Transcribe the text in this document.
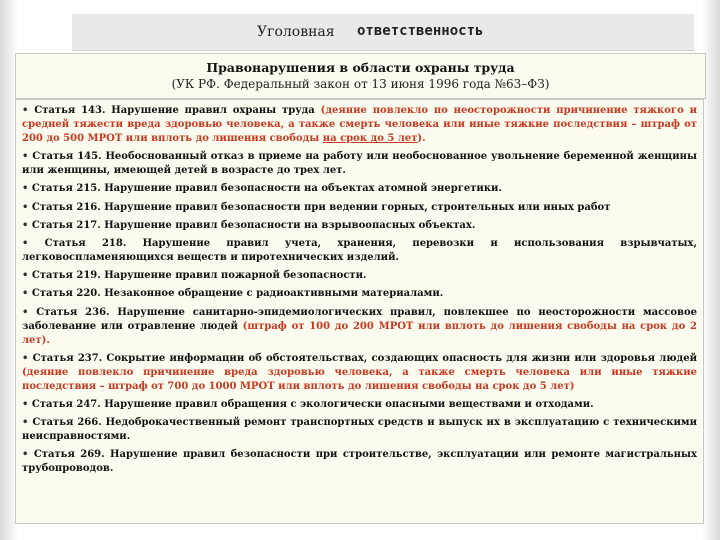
Уголовная ответственность
Правонарушения в области охраны труда
(УК РФ. Федеральный закон от 13 июня 1996 года №63–ФЗ)

• Статья 143. Нарушение правил охраны труда (деяние повлекло по неосторожности причинение тяжкого и средней тяжести вреда здоровью человека, а также смерть человека или иные тяжкие последствия – штраф от 200 до 500 МРОТ или вплоть до лишения свободы на срок до 5 лет).

• Статья 145. Необоснованный отказ в приеме на работу или необоснованное увольнение беременной женщины или женщины, имеющей детей в возрасте до трех лет.

• Статья 215. Нарушение правил безопасности на объектах атомной энергетики.

• Статья 216. Нарушение правил безопасности при ведении горных, строительных или иных работ

• Статья 217. Нарушение правил безопасности на взрывоопасных объектах.

• Статья 218. Нарушение правил учета, хранения, перевозки и использования взрывчатых, легковоспламеняющихся веществ и пиротехнических изделий.

• Статья 219. Нарушение правил пожарной безопасности.

• Статья 220. Незаконное обращение с радиоактивными материалами.

• Статья 236. Нарушение санитарно-эпидемиологических правил, повлекшее по неосторожности массовое заболевание или отравление людей (штраф от 100 до 200 МРОТ или вплоть до лишения свободы на срок до 2 лет).

• Статья 237. Сокрытие информации об обстоятельствах, создающих опасность для жизни или здоровья людей (деяние повлекло причинение вреда здоровью человека, а также смерть человека или иные тяжкие последствия – штраф от 700 до 1000 МРОТ или вплоть до лишения свободы на срок до 5 лет)

• Статья 247. Нарушение правил обращения с экологически опасными веществами и отходами.

• Статья 266. Недоброкачественный ремонт транспортных средств и выпуск их в эксплуатацию с техническими неисправностями.

• Статья 269. Нарушение правил безопасности при строительстве, эксплуатации или ремонте магистральных трубопроводов.
